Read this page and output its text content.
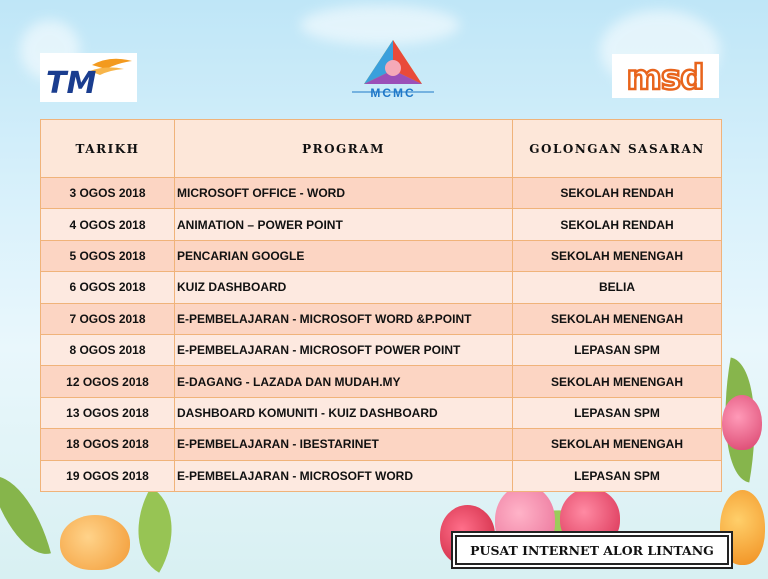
TM	MCMC	msd
TARIKH	PROGRAM	GOLONGAN SASARAN
3 OGOS 2018	MICROSOFT OFFICE - WORD	SEKOLAH RENDAH
4 OGOS 2018	ANIMATION – POWER POINT	SEKOLAH RENDAH
5 OGOS 2018	PENCARIAN GOOGLE	SEKOLAH MENENGAH
6 OGOS 2018	KUIZ DASHBOARD	BELIA
7 OGOS 2018	E-PEMBELAJARAN - MICROSOFT WORD &P.POINT	SEKOLAH MENENGAH
8 OGOS 2018	E-PEMBELAJARAN - MICROSOFT POWER POINT	LEPASAN SPM
12 OGOS 2018	E-DAGANG - LAZADA DAN MUDAH.MY	SEKOLAH MENENGAH
13 OGOS 2018	DASHBOARD KOMUNITI - KUIZ DASHBOARD	LEPASAN SPM
18 OGOS 2018	E-PEMBELAJARAN - IBESTARINET	SEKOLAH MENENGAH
19 OGOS 2018	E-PEMBELAJARAN - MICROSOFT WORD	LEPASAN SPM
PUSAT INTERNET ALOR LINTANG
